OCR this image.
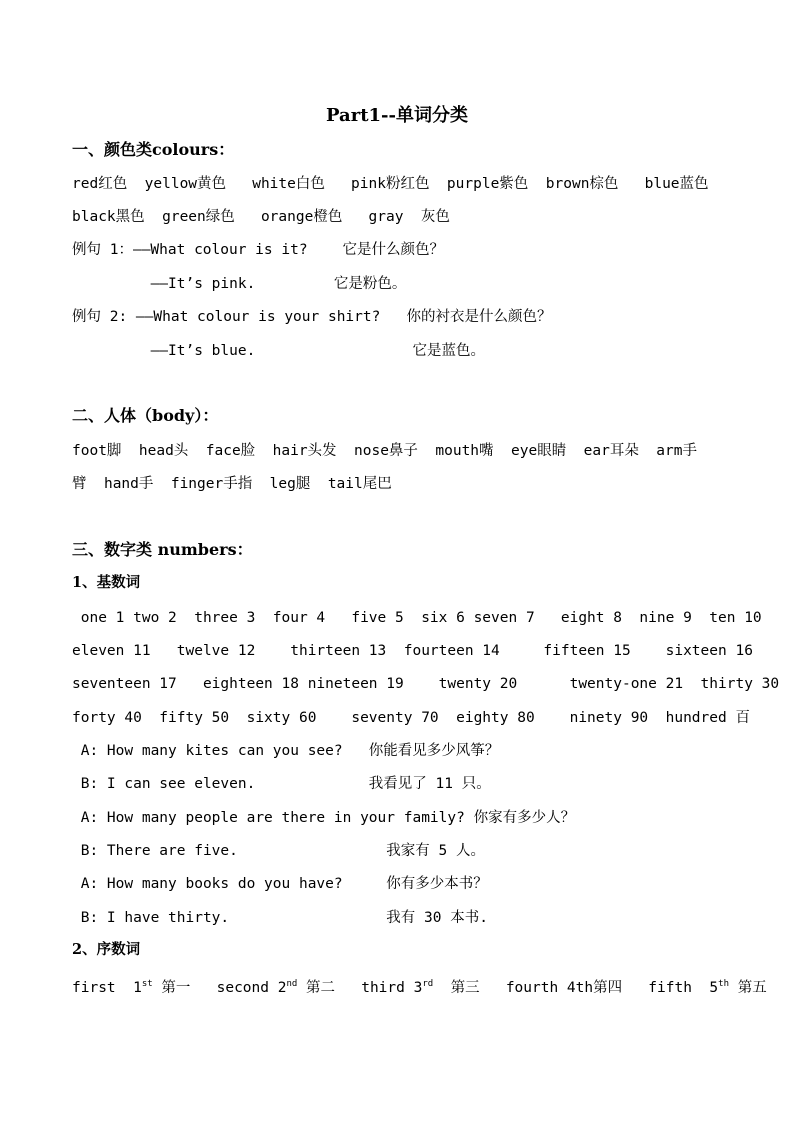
Part1--单词分类
一、颜色类colours：
red红色  yellow黄色   white白色   pink粉红色  purple紫色  brown棕色   blue蓝色
black黑色  green绿色   orange橙色   gray  灰色
例句 1：——What colour is it?    它是什么颜色？
——It’s pink.         它是粉色。
例句 2: ——What colour is your shirt?   你的衬衣是什么颜色？
——It’s blue.                  它是蓝色。
二、人体（body）：
foot脚  head头  face脸  hair头发  nose鼻子  mouth嘴  eye眼睛  ear耳朵  arm手
臂  hand手  finger手指  leg腿  tail尾巴
三、数字类 numbers：
1、基数词
one 1 two 2  three 3  four 4   five 5  six 6 seven 7   eight 8  nine 9  ten 10
eleven 11   twelve 12    thirteen 13  fourteen 14     fifteen 15    sixteen 16
seventeen 17   eighteen 18 nineteen 19    twenty 20      twenty-one 21  thirty 30
forty 40  fifty 50  sixty 60    seventy 70  eighty 80    ninety 90  hundred 百
A: How many kites can you see?   你能看见多少风筝？
B: I can see eleven.             我看见了 11 只。
A: How many people are there in your family? 你家有多少人？
B: There are five.                 我家有 5 人。
A: How many books do you have?     你有多少本书？
B: I have thirty.                  我有 30 本书.
2、序数词
first  1st 第一   second 2nd 第二   third 3rd  第三   fourth 4th第四   fifth  5th 第五
